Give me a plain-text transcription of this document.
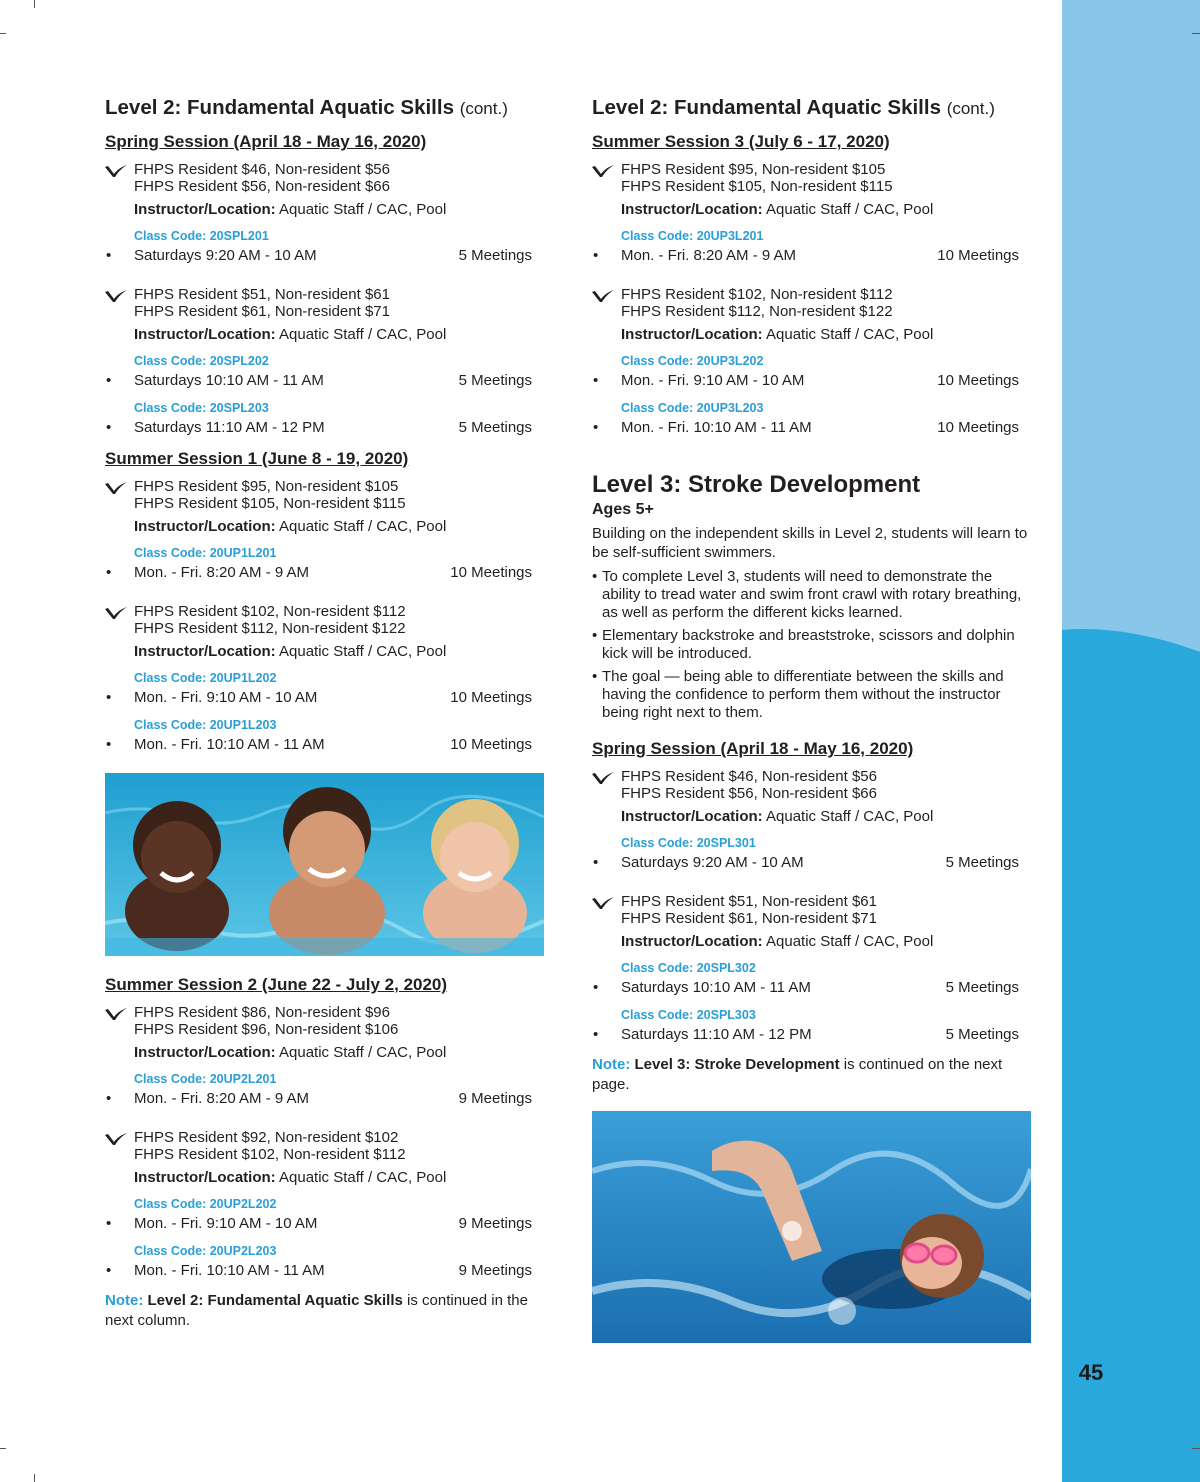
45
Level 2: Fundamental Aquatic Skills (cont.)
Spring Session (April 18 - May 16, 2020)
FHPS Resident $46, Non-resident $56
FHPS Resident $56, Non-resident $66
Instructor/Location: Aquatic Staff / CAC, Pool
Class Code: 20SPL201
• Saturdays 9:20 AM - 10 AM	5 Meetings
FHPS Resident $51, Non-resident $61
FHPS Resident $61, Non-resident $71
Instructor/Location: Aquatic Staff / CAC, Pool
Class Code: 20SPL202
• Saturdays 10:10 AM - 11 AM	5 Meetings
Class Code: 20SPL203
• Saturdays 11:10 AM - 12 PM	5 Meetings
Summer Session 1 (June 8 - 19, 2020)
FHPS Resident $95, Non-resident $105
FHPS Resident $105, Non-resident $115
Instructor/Location: Aquatic Staff / CAC, Pool
Class Code: 20UP1L201
• Mon. - Fri. 8:20 AM - 9 AM	10 Meetings
FHPS Resident $102, Non-resident $112
FHPS Resident $112, Non-resident $122
Instructor/Location: Aquatic Staff / CAC, Pool
Class Code: 20UP1L202
• Mon. - Fri. 9:10 AM - 10 AM	10 Meetings
Class Code: 20UP1L203
• Mon. - Fri. 10:10 AM - 11 AM	10 Meetings
Summer Session 2 (June 22 - July 2, 2020)
FHPS Resident $86, Non-resident $96
FHPS Resident $96, Non-resident $106
Instructor/Location: Aquatic Staff / CAC, Pool
Class Code: 20UP2L201
• Mon. - Fri. 8:20 AM - 9 AM	9 Meetings
FHPS Resident $92, Non-resident $102
FHPS Resident $102, Non-resident $112
Instructor/Location: Aquatic Staff / CAC, Pool
Class Code: 20UP2L202
• Mon. - Fri. 9:10 AM - 10 AM	9 Meetings
Class Code: 20UP2L203
• Mon. - Fri. 10:10 AM - 11 AM	9 Meetings
Note: Level 2: Fundamental Aquatic Skills is continued in the next column.
Level 2: Fundamental Aquatic Skills (cont.)
Summer Session 3 (July 6 - 17, 2020)
FHPS Resident $95, Non-resident $105
FHPS Resident $105, Non-resident $115
Instructor/Location: Aquatic Staff / CAC, Pool
Class Code: 20UP3L201
• Mon. - Fri. 8:20 AM - 9 AM	10 Meetings
FHPS Resident $102, Non-resident $112
FHPS Resident $112, Non-resident $122
Instructor/Location: Aquatic Staff / CAC, Pool
Class Code: 20UP3L202
• Mon. - Fri. 9:10 AM - 10 AM	10 Meetings
Class Code: 20UP3L203
• Mon. - Fri. 10:10 AM - 11 AM	10 Meetings
Level 3: Stroke Development
Ages 5+

Building on the independent skills in Level 2, students will learn to be self-sufficient swimmers.

• To complete Level 3, students will need to demonstrate the ability to tread water and swim front crawl with rotary breathing, as well as perform the different kicks learned.
• Elementary backstroke and breaststroke, scissors and dolphin kick will be introduced.
• The goal — being able to differentiate between the skills and having the confidence to perform them without the instructor being right next to them.
Spring Session (April 18 - May 16, 2020)
FHPS Resident $46, Non-resident $56
FHPS Resident $56, Non-resident $66
Instructor/Location: Aquatic Staff / CAC, Pool
Class Code: 20SPL301
• Saturdays 9:20 AM - 10 AM	5 Meetings
FHPS Resident $51, Non-resident $61
FHPS Resident $61, Non-resident $71
Instructor/Location: Aquatic Staff / CAC, Pool
Class Code: 20SPL302
• Saturdays 10:10 AM - 11 AM	5 Meetings
Class Code: 20SPL303
• Saturdays 11:10 AM - 12 PM	5 Meetings
Note: Level 3: Stroke Development is continued on the next page.
